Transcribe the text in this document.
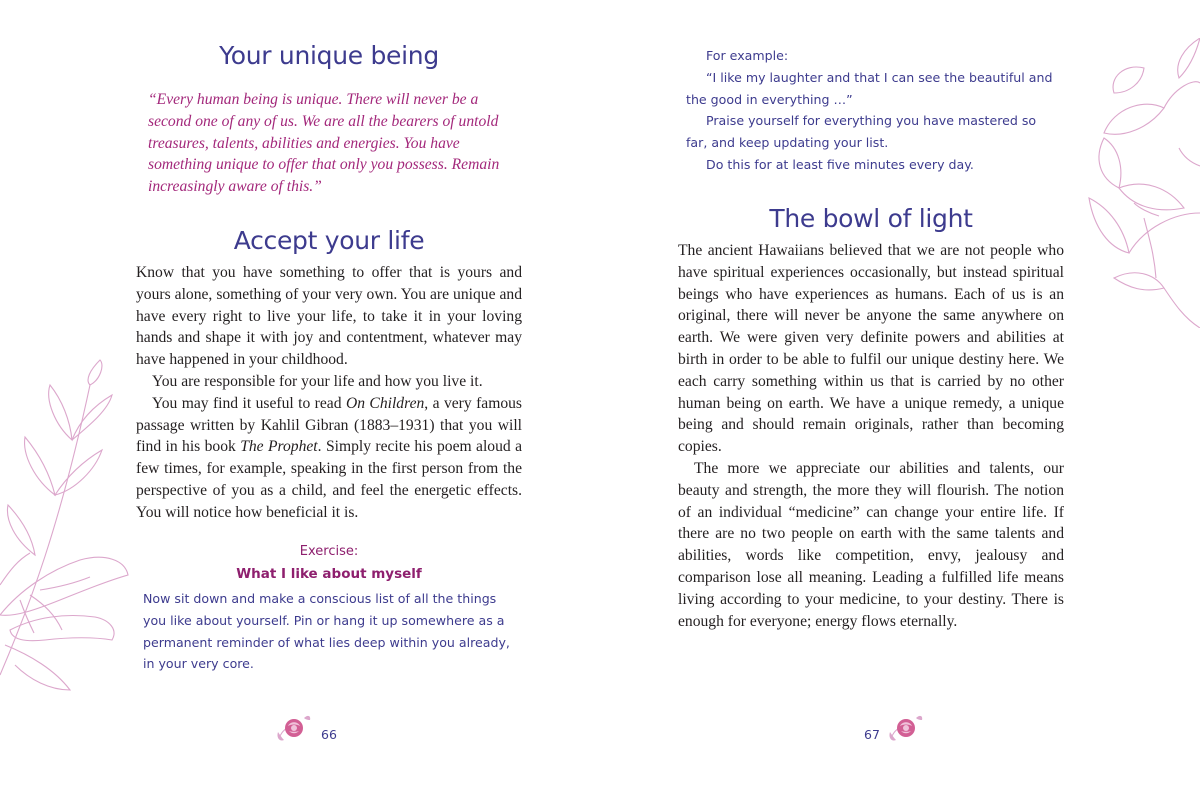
Your unique being

“Every human being is unique. There will never be a second one of any of us. We are all the bearers of untold treasures, talents, abilities and energies. You have something unique to offer that only you possess. Remain increasingly aware of this.”

Accept your life

Know that you have something to offer that is yours and yours alone, something of your very own. You are unique and have every right to live your life, to take it in your loving hands and shape it with joy and contentment, whatever may have happened in your childhood.

You are responsible for your life and how you live it.

You may find it useful to read On Children, a very famous passage written by Kahlil Gibran (1883–1931) that you will find in his book The Prophet. Simply recite his poem aloud a few times, for example, speaking in the first person from the perspective of you as a child, and feel the energetic effects. You will notice how beneficial it is.

Exercise:
What I like about myself

Now sit down and make a conscious list of all the things you like about yourself. Pin or hang it up somewhere as a permanent reminder of what lies deep within you already, in your very core.

66

For example:

“I like my laughter and that I can see the beautiful and the good in everything …”

Praise yourself for everything you have mastered so far, and keep updating your list.

Do this for at least five minutes every day.

The bowl of light

The ancient Hawaiians believed that we are not people who have spiritual experiences occasionally, but instead spiritual beings who have experiences as humans. Each of us is an original, there will never be anyone the same anywhere on earth. We were given very definite powers and abilities at birth in order to be able to fulfil our unique destiny here. We each carry something within us that is carried by no other human being on earth. We have a unique remedy, a unique being and should remain originals, rather than becoming copies.

The more we appreciate our abilities and talents, our beauty and strength, the more they will flourish. The notion of an individual “medicine” can change your entire life. If there are no two people on earth with the same talents and abilities, words like competition, envy, jealousy and comparison lose all meaning. Leading a fulfilled life means living according to your medicine, to your destiny. There is enough for everyone; energy flows eternally.

67
